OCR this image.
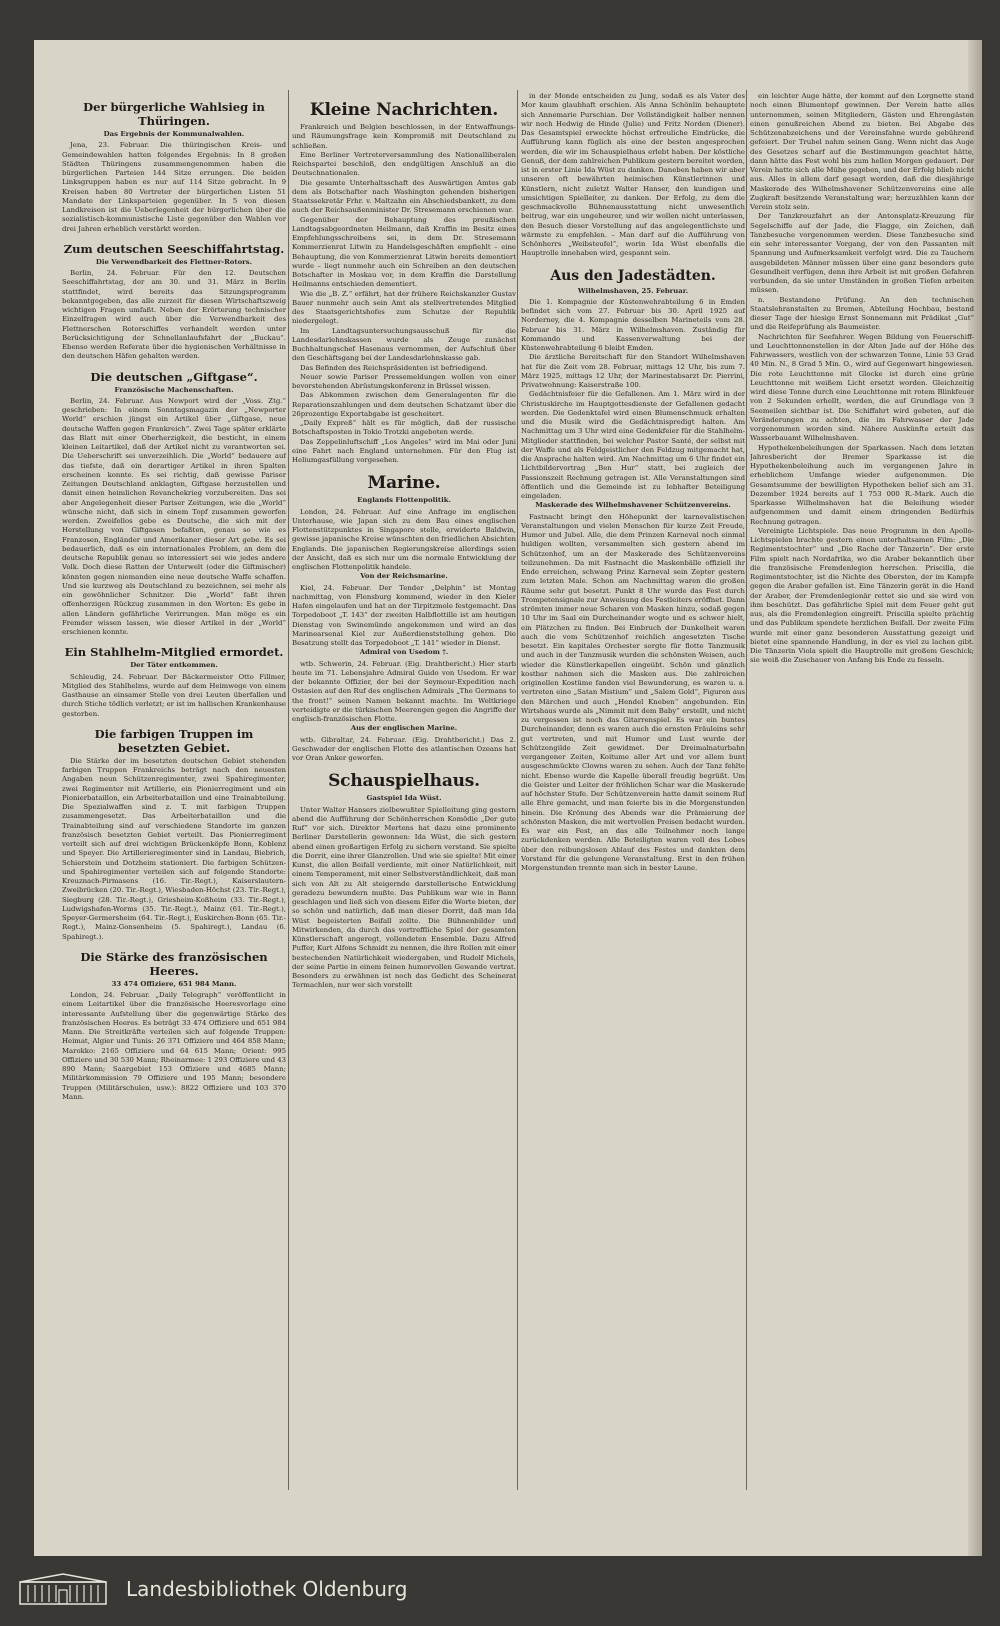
Der bürgerliche Wahlsieg in Thüringen.
Das Ergebnis der Kommunalwahlen.

Jena, 23. Februar. Die thüringischen Kreis- und Gemeindewahlen hatten folgendes Ergebnis: In 8 großen Städten Thüringens zusammengenommen haben die bürgerlichen Parteien 144 Sitze errungen. Die beiden Linksgruppen haben es nur auf 114 Sitze gebracht. In 9 Kreisen haben 80 Vertreter der bürgerlichen Listen 51 Mandate der Linksparteien gegenüber. In 5 von diesen Landkreisen ist die Ueberlegenheit der bürgerlichen über die sozialistisch-kommunistische Liste gegenüber den Wahlen vor drei Jahren erheblich verstärkt worden.

Zum deutschen Seeschiffahrtstag.
Die Verwendbarkeit des Flettner-Rotors.

Berlin, 24. Februar. Für den 12. Deutschen Seeschiffahrtstag, der am 30. und 31. März in Berlin stattfindet, wird bereits das Sitzungsprogramm bekanntgegeben, das alle zurzeit für diesen Wirtschaftszweig wichtigen Fragen umfaßt. Neben der Erörterung technischer Einzelfragen wird auch über die Verwendbarkeit des Flettnerschen Rotorschiffes verhandelt werden unter Berücksichtigung der Schnellanlaufsfahrt der „Buckau“. Ebenso werden Referate über die hygienischen Verhältnisse in den deutschen Häfen gehalten werden.

Die deutschen „Giftgase“.
Französische Machenschaften.

Berlin, 24. Februar. Aus Newport wird der „Voss. Ztg.“ geschrieben: In einem Sonntagsmagazin der „Newporter World“ erschien jüngst ein Artikel über „Giftgase, neue deutsche Waffen gegen Frankreich“. Zwei Tage später erklärte das Blatt mit einer Oberherzigkeit, die besticht, in einem kleinen Leitartikel, daß der Artikel nicht zu verantworten sei. Die Ueberschrift sei unverzeihlich. Die „World“ bedauere auf das tiefste, daß ein derartiger Artikel in ihren Spalten erscheinen konnte. Es sei richtig, daß gewisse Pariser Zeitungen Deutschland anklagten, Giftgase herzustellen und damit einen heimlichen Revanchekrieg vorzubereiten. Das sei aber Angelegenheit dieser Pariser Zeitungen, wie die „World“ wünsche nicht, daß sich in einem Topf zusammen geworfen werden. Zweifellos gebe es Deutsche, die sich mit der Herstellung von Giftgasen befaßten, genau so wie es Franzosen, Engländer und Amerikaner dieser Art gebe. Es sei bedauerlich, daß es ein internationales Problem, an dem die deutsche Republik genau so interessiert sei wie jedes andere Volk. Doch diese Ratten der Unterwelt (oder die Giftmischer) könnten gegen niemanden eine neue deutsche Waffe schaffen. Und sie kurzweg als Deutschland zu bezeichnen, sei mehr als ein gewöhnlicher Schnitzer. Die „World“ faßt ihren offenherzigen Rückzug zusammen in den Worten: Es gebe in allen Ländern gefährliche Verirrungen. Man möge es ein Fremder wissen lassen, wie dieser Artikel in der „World“ erschienen konnte.

Ein Stahlhelm-Mitglied ermordet.
Der Täter entkommen.

Schleudig, 24. Februar. Der Bäckermeister Otto Fillmer, Mitglied des Stahlhelms, wurde auf dem Heimwege von einem Gasthause an einsamer Stelle von drei Leuten überfallen und durch Stiche tödlich verletzt; er ist im hallischen Krankenhause gestorben.

Die farbigen Truppen im besetzten Gebiet.

Die Stärke der im besetzten deutschen Gebiet stehenden farbigen Truppen Frankreichs beträgt nach den neuesten Angaben neun Schützenregimenter, zwei Spahiregimenter, zwei Regimenter mit Artillerie, ein Pionierregiment und ein Pionierbataillon, ein Arbeiterbataillon und eine Trainabteilung. Die Spezialwaffen sind z. T. mit farbigen Truppen zusammengesetzt. Das Arbeiterbataillon und die Trainabteilung sind auf verschiedene Standorte im ganzen französisch besetzten Gebiet verteilt. Das Pionierregiment verteilt sich auf drei wichtigen Brückenköpfe Bonn, Koblenz und Speyer. Die Artillerieregimenter sind in Landau, Biebrich, Schierstein und Dotzheim stationiert. Die farbigen Schützen- und Spahiregimenter verteilen sich auf folgende Standorte: Kreuznach-Pirmasens (16. Tir.-Regt.), Kaiserslautern-Zweibrücken (20. Tir.-Regt.), Wiesbaden-Höchst (23. Tir.-Regt.), Siegburg (28. Tir.-Regt.), Griesheim-Koßheim (33. Tir.-Regt.), Ludwigshafen-Worms (35. Tir.-Regt.), Mainz (61. Tir.-Regt.), Speyer-Germersheim (64. Tir.-Regt.), Euskirchen-Bonn (65. Tir.-Regt.), Mainz-Gonsenheim (5. Spahiregt.), Landau (6. Spahiregt.).

Die Stärke des französischen Heeres.
33 474 Offiziere, 651 984 Mann.

London, 24. Februar. „Daily Telegraph“ veröffentlicht in einem Leitartikel über die französische Heeresvorlage eine interessante Aufstellung über die gegenwärtige Stärke des französischen Heeres. Es beträgt 33 474 Offiziere und 651 984 Mann. Die Streitkräfte verteilen sich auf folgende Truppen: Heimat, Algier und Tunis: 26 371 Offiziere und 464 858 Mann; Marokko: 2165 Offiziere und 64 615 Mann; Orient: 995 Offiziere und 30 530 Mann; Rheinarmee: 1 293 Offiziere und 43 890 Mann; Saargebiet 153 Offiziere und 4685 Mann; Militärkommission 79 Offiziere und 195 Mann; besondere Truppen (Militärschulen, usw.): 8822 Offiziere und 103 370 Mann.

Kleine Nachrichten.

Frankreich und Belgien beschlossen, in der Entwaffnungs- und Räumungsfrage kein Kompromiß mit Deutschland zu schließen.

Eine Berliner Vertreterversammlung des Nationalliberalen Reichspartei beschloß, den endgültigen Anschluß an die Deutschnationalen.

Die gesamte Unterhaltsschaft des Auswärtigen Amtes gab dem als Botschafter nach Washington gehenden bisherigen Staatssekretär Frhr. v. Maltzahn ein Abschiedsbankett, zu dem auch der Reichsaußenminister Dr. Stresemann erschienen war.

Gegenüber der Behauptung des preußischen Landtagsabgeordneten Heilmann, daß Kraffin im Besitz eines Empfehlungsschreibens sei, in dem Dr. Stresemann Kommerzienrat Litwin zu Handelsgeschäften empfiehlt – eine Behauptung, die von Kommerzienrat Litwin bereits dementiert wurde – liegt nunmehr auch ein Schreiben an den deutschen Botschafter in Moskau vor, in dem Kraffin die Darstellung Heilmanns entschieden dementiert.

Wie die „B. Z.“ erfährt, hat der frühere Reichskanzler Gustav Bauer nunmehr auch sein Amt als stellvertretendes Mitglied des Staatsgerichtshofes zum Schutze der Republik niedergelegt.

Im Landtagsuntersuchungsausschuß für die Landesdarlehnskassen wurde als Zeuge zunächst Buchhaltungschef Hasenaus vernommen, der Aufschluß über den Geschäftsgang bei der Landesdarlehnskasse gab.

Das Befinden des Reichspräsidenten ist befriedigend.

Neuer sowie Pariser Pressemeldungen wollen von einer bevorstehenden Abrüstungskonferenz in Brüssel wissen.

Das Abkommen zwischen dem Generalagenten für die Reparationszahlungen und dem deutschen Schatzamt über die 26prozentige Exportabgabe ist gescheitert.

„Daily Expreß“ hält es für möglich, daß der russische Botschaftsposten in Tokio Trotzki angeboten werde.

Das Zeppelinluftschiff „Los Angeles“ wird im Mai oder Juni eine Fahrt nach England unternehmen. Für den Flug ist Heliumgasfüllung vorgesehen.

Marine.
Englands Flottenpolitik.

London, 24. Februar. Auf eine Anfrage im englischen Unterhause, wie Japan sich zu dem Bau eines englischen Flottenstützpunktes in Singapore stelle, erwiderte Baldwin, gewisse japanische Kreise wünschten den friedlichen Absichten Englands. Die japanischen Regierungskreise allerdings seien der Ansicht, daß es sich nur um die normale Entwicklung der englischen Flottenpolitik handele.

Von der Reichsmarine.

Kiel, 24. Februar. Der Tender „Delphin“ ist Montag nachmittag, von Flensburg kommend, wieder in den Kieler Hafen eingelaufen und hat an der Tirpitzmole festgemacht. Das Torpedoboot „T. 143“ der zweiten Halbflottille ist am heutigen Dienstag von Swinemünde angekommen und wird an das Marinearsenal Kiel zur Außerdienststellung gehen. Die Besatzung stellt das Torpedoboot „T. 141“ wieder in Dienst.

Admiral von Usedom †.

wtb. Schwerin, 24. Februar. (Eig. Drahtbericht.) Hier starb heute im 71. Lebensjahre Admiral Guido von Usedom. Er war der bekannte Offizier, der bei der Seymour-Expedition nach Ostasien auf den Ruf des englischen Admirals „The Germans to the front!“ seinen Namen bekannt machte. Im Weltkriege verteidigte er die türkischen Meerengen gegen die Angriffe der englisch-französischen Flotte.

Aus der englischen Marine.

wtb. Gibraltar, 24. Februar. (Eig. Drahtbericht.) Das 2. Geschwader der englischen Flotte des atlantischen Ozeans hat vor Oran Anker geworfen.

Schauspielhaus.
Gastspiel Ida Wüst.

Unter Walter Hansers zielbewußter Spielleitung ging gestern abend die Aufführung der Schönherrschen Komödie „Der gute Ruf“ vor sich. Direktor Mertens hat dazu eine prominente Berliner Darstellerin gewonnen: Ida Wüst, die sich gestern abend einen großartigen Erfolg zu sichern verstand. Sie spielte die Dorrit, eine ihrer Glanzrollen. Und wie sie spielte! Mit einer Kunst, die allen Beifall verdiente, mit einer Natürlichkeit, mit einem Temperament, mit einer Selbstverständlichkeit, daß man sich von Alt zu Alt steigernde darstellerische Entwicklung geradezu bewundern mußte. Das Publikum war wie in Bann geschlagen und ließ sich von diesem Eifer die Worte bieten, der so schön und natürlich, daß man dieser Dorrit, daß man Ida Wüst begeisterten Beifall zollte. Die Bühnenbilder und Mitwirkenden, da durch das vortreffliche Spiel der gesamten Künstlerschaft angeregt, vollendeten Ensemble. Dazu Alfred Puffer, Kurt Alfons Schmidt zu nennen, die ihre Rollen mit einer bestechenden Natürlichkeit wiedergaben, und Rudolf Michels, der seine Partie in einem feinen humorvollen Gewande vertrat. Besonders zu erwähnen ist noch das Gedicht des Scheinerat Termachlen, nur wer sich vorstellt

in der Monde entscheiden zu Jung, sodaß es als Vater des Mor kaum glaubhaft erschien. Als Anna Schönlin behauptete sich Annemarie Purschian. Der Vollständigkeit halber nennen wir noch Hedwig de Hinde (Julie) und Fritz Norden (Diener). Das Gesamtspiel erweckte höchst erfreuliche Eindrücke, die Aufführung kann füglich als eine der besten angesprochen werden, die wir im Schauspielhaus erlebt haben. Der köstliche Genuß, der dem zahlreichen Publikum gestern bereitet worden, ist in erster Linie Ida Wüst zu danken. Daneben haben wir aber unseren oft bewährten heimischen Künstlerinnen und Künstlern, nicht zuletzt Walter Hanser, den kundigen und umsichtigen Spielleiter, zu danken. Der Erfolg, zu dem die geschmackvolle Bühnenausstattung nicht unwesentlich beitrug, war ein ungeheurer, und wir wollen nicht unterlassen, den Besuch dieser Vorstellung auf das angelegentlichste und wärmste zu empfehlen. – Man darf auf die Aufführung von Schönherrs „Weibsteufel“, worin Ida Wüst ebenfalls die Hauptrolle innehaben wird, gespannt sein.

Aus den Jadestädten.
Wilhelmshaven, 25. Februar.

Die 1. Kompagnie der Küstenwehrabteilung 6 in Emden befindet sich vom 27. Februar bis 30. April 1925 auf Norderney, die 4. Kompagnie desselben Marineteils vom 28. Februar bis 31. März in Wilhelmshaven. Zuständig für Kommando und Kassenverwaltung bei der Küstenwehrabteilung 6 bleibt Emden.

Die ärztliche Bereitschaft für den Standort Wilhelmshaven hat für die Zeit vom 28. Februar, mittags 12 Uhr, bis zum 7. März 1925, mittags 12 Uhr, der Marinestabsarzt Dr. Pierrini, Privatwohnung: Kaiserstraße 100.

Gedächtnisfeier für die Gefallenen. Am 1. März wird in der Christuskirche im Hauptgottesdienste der Gefallenen gedacht werden. Die Gedenktafel wird einen Blumenschmuck erhalten und die Musik wird die Gedächtnispredigt halten. Am Nachmittag um 3 Uhr wird eine Gedenkfeier für die Stahlhelm-Mitglieder stattfinden, bei welcher Pastor Santé, der selbst mit der Waffe und als Feldgeistlicher den Feldzug mitgemacht hat, die Ansprache halten wird. Am Nachmittag um 6 Uhr findet ein Lichtbildervortrag „Ben Hur“ statt, bei zugleich der Passionszeit Rechnung getragen ist. Alle Veranstaltungen sind öffentlich und die Gemeinde ist zu lebhafter Beteiligung eingeladen.

Maskerade des Wilhelmshavener Schützenvereins.

Fastnacht bringt den Höhepunkt der karnevalistischen Veranstaltungen und vielen Menschen für kurze Zeit Freude, Humor und Jubel. Alle, die dem Prinzen Karneval noch einmal huldigen wollten, versammelten sich gestern abend im Schützenhof, um an der Maskerade des Schützenvereins teilzunehmen. Da mit Fastnacht die Maskenbälle offiziell ihr Ende erreichen, schwang Prinz Karneval sein Zepter gestern zum letzten Male. Schon am Nachmittag waren die großen Räume sehr gut besetzt. Punkt 8 Uhr wurde das Fest durch Trompetensignale zur Anweisung des Festleiters eröffnet. Dann strömten immer neue Scharen von Masken hinzu, sodaß gegen 10 Uhr im Saal ein Durcheinander wogte und es schwer hielt, ein Plätzchen zu finden. Bei Einbruch der Dunkelheit waren auch die vom Schützenhof reichlich angesetzten Tische besetzt. Ein kapitales Orchester sorgte für flotte Tanzmusik und auch in der Tanzmusik wurden die schönsten Weisen, auch wieder die Künstlerkapellen eingeübt. Schön und gänzlich kostbar nahmen sich die Masken aus. Die zahlreichen originellen Kostüme fanden viel Bewunderung, es waren u. a. vertreten eine „Satan Mistium“ und „Salem Gold“, Figuren aus den Märchen und auch „Hendel Kneben“ angebunden. Ein Wirtshaus wurde als „Nimmit mit dem Baby“ erstellt, und nicht zu vergessen ist noch das Gitarrenspiel. Es war ein buntes Durcheinander, denn es waren auch die ernsten Fräuleins sehr gut vertreten, und mit Humor und Lust wurde der Schützengilde Zeit gewidmet. Der Dreimalnaturbahn vergangener Zeiten, Koitume aller Art und vor allem bunt ausgeschmückte Clowns waren zu sehen. Auch der Tanz fehlte nicht. Ebenso wurde die Kapelle überall freudig begrüßt. Um die Geister und Leiter der fröhlichen Schar war die Maskerade auf höchster Stufe. Der Schützenverein hatte damit seinem Ruf alle Ehre gemacht, und man feierte bis in die Morgenstunden hinein. Die Krönung des Abends war die Prämierung der schönsten Masken, die mit wertvollen Preisen bedacht wurden. Es war ein Fest, an das alle Teilnehmer noch lange zurückdenken werden. Alle Beteiligten waren voll des Lobes über den reibungslosen Ablauf des Festes und dankten dem Vorstand für die gelungene Veranstaltung. Erst in den frühen Morgenstunden trennte man sich in bester Laune.

ein leichter Auge hätte, der kommt auf den Lorgnette stand noch einen Blumentopf gewinnen. Der Verein hatte alles unternommen, seinen Mitgliedern, Gästen und Ehrengästen einen genußreichen Abend zu bieten. Bei Abgabe des Schützenabzeichens und der Vereinsfahne wurde gebührend gefeiert. Der Trubel nahm seinen Gang. Wenn nicht das Auge des Gesetzes scharf auf die Bestimmungen geachtet hätte, dann hätte das Fest wohl bis zum hellen Morgen gedauert. Der Verein hatte sich alle Mühe gegeben, und der Erfolg blieb nicht aus. Alles in allem darf gesagt werden, daß die diesjährige Maskerade des Wilhelmshavener Schützenvereins eine alle Zugkraft besitzende Veranstaltung war; herzuzählen kann der Verein stolz sein.

Der Tanzkreuzfahrt an der Antonsplatz-Kreuzung für Segelschiffe auf der Jade, die Flagge, ein Zeichen, daß Tanzbesuche vorgenommen werden. Diese Tanzbesuche sind ein sehr interessanter Vorgang, der von den Passanten mit Spannung und Aufmerksamkeit verfolgt wird. Die zu Tauchern ausgebildeten Männer müssen über eine ganz besonders gute Gesundheit verfügen, denn ihre Arbeit ist mit großen Gefahren verbunden, da sie unter Umständen in großen Tiefen arbeiten müssen.

n. Bestandene Prüfung. An den technischen Staatslehranstalten zu Bremen, Abteilung Hochbau, bestand dieser Tage der hiesige Ernst Sonnemann mit Prädikat „Gut“ und die Reifeprüfung als Baumeister.

Nachrichten für Seefahrer. Wegen Bildung von Feuerschiff- und Leuchttonnenstellen in der Alten Jade auf der Höhe des Fahrwassers, westlich von der schwarzen Tonne, Linie 53 Grad 40 Min. N., 8 Grad 5 Min. O., wird auf Gegenwart hingewiesen. Die rote Leuchttonne mit Glocke ist durch eine grüne Leuchttonne mit weißem Licht ersetzt worden. Gleichzeitig wird diese Tonne durch eine Leuchttonne mit rotem Blinkfeuer von 2 Sekunden erhellt, werden, die auf Grundlage von 3 Seemeilen sichtbar ist. Die Schiffahrt wird gebeten, auf die Veränderungen zu achten, die im Fahrwasser der Jade vorgenommen worden sind. Nähere Auskünfte erteilt das Wasserbauamt Wilhelmshaven.

Hypothekenbeleihungen der Sparkassen. Nach dem letzten Jahresbericht der Bremer Sparkasse ist die Hypothekenbeleihung auch im vergangenen Jahre in erheblichem Umfange wieder aufgenommen. Die Gesamtsumme der bewilligten Hypotheken belief sich am 31. Dezember 1924 bereits auf 1 753 000 R.-Mark. Auch die Sparkasse Wilhelmshaven hat die Beleihung wieder aufgenommen und damit einem dringenden Bedürfnis Rechnung getragen.

Vereinigte Lichtspiele. Das neue Programm in den Apollo-Lichtspielen brachte gestern einen unterhaltsamen Film: „Die Regimentstochter“ und „Die Rache der Tänzerin“. Der erste Film spielt nach Nordafrika, wo die Araber bekanntlich über die französische Fremdenlegion herrschen. Priscilla, die Regimentstochter, ist die Nichte des Obersten, der im Kampfe gegen die Araber gefallen ist. Eine Tänzerin gerät in die Hand der Araber, der Fremdenlegionär rettet sie und sie wird von ihm beschützt. Das gefährliche Spiel mit dem Feuer geht gut aus, als die Fremdenlegion eingreift. Priscilla spielte prächtig und das Publikum spendete herzlichen Beifall. Der zweite Film wurde mit einer ganz besonderen Ausstattung gezeigt und bietet eine spannende Handlung, in der es viel zu lachen gibt. Die Tänzerin Viola spielt die Hauptrolle mit großem Geschick; sie weiß die Zuschauer von Anfang bis Ende zu fesseln.

Landesbibliothek Oldenburg
